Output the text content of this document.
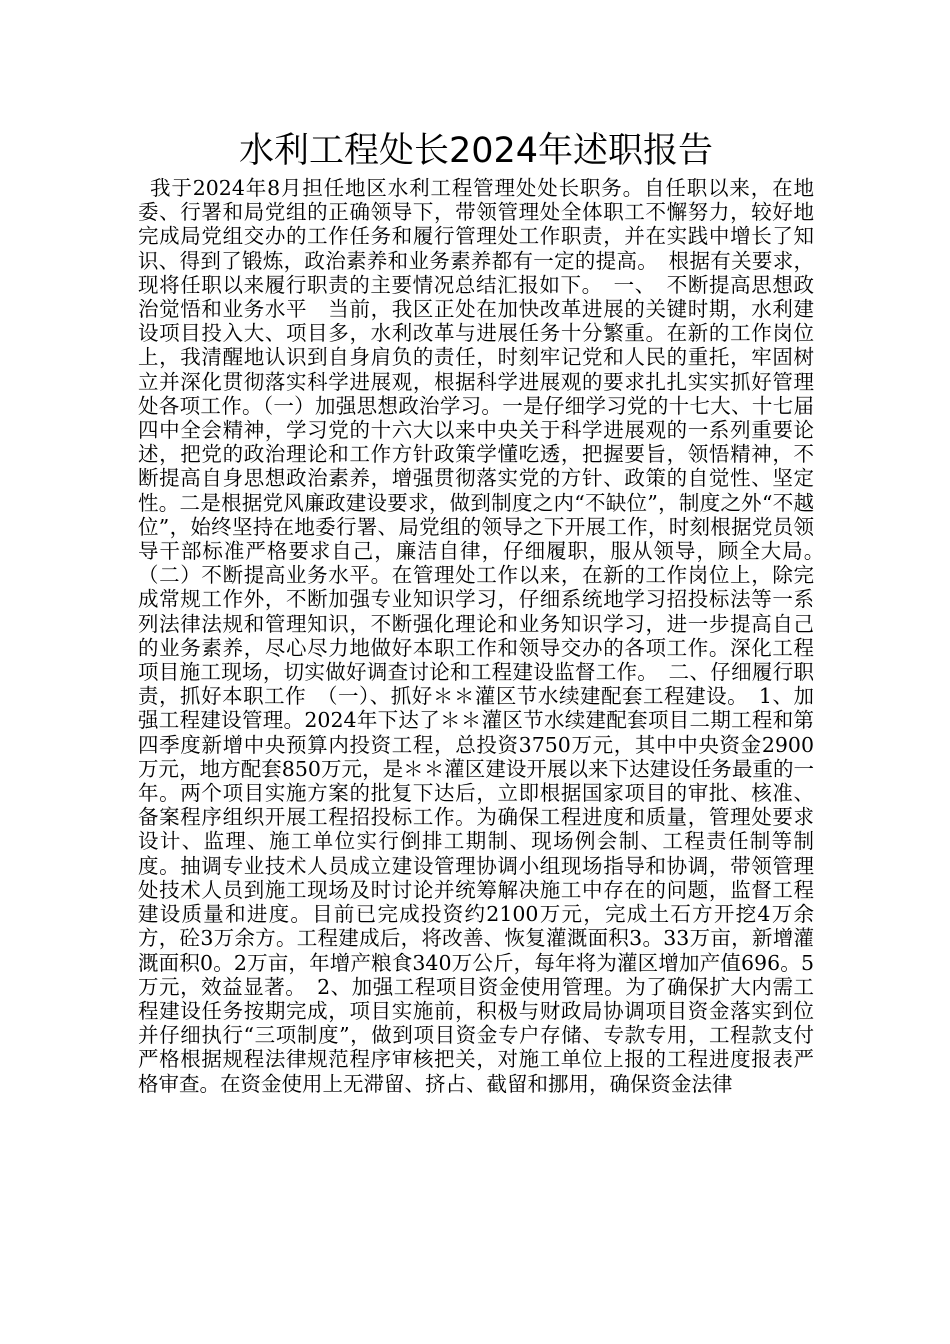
水利工程处长2024年述职报告

我于2024年8月担任地区水利工程管理处处长职务。自任职以来，在地委、行署和局党组的正确领导下，带领管理处全体职工不懈努力，较好地完成局党组交办的工作任务和履行管理处工作职责，并在实践中增长了知识、得到了锻炼，政治素养和业务素养都有一定的提高。　根据有关要求，现将任职以来履行职责的主要情况总结汇报如下。　一、　不断提高思想政治觉悟和业务水平　当前，我区正处在加快改革进展的关键时期，水利建设项目投入大、项目多，水利改革与进展任务十分繁重。在新的工作岗位上，我清醒地认识到自身肩负的责任，时刻牢记党和人民的重托，牢固树立并深化贯彻落实科学进展观，根据科学进展观的要求扎扎实实抓好管理处各项工作。（一）加强思想政治学习。一是仔细学习党的十七大、十七届四中全会精神，学习党的十六大以来中央关于科学进展观的一系列重要论述，把党的政治理论和工作方针政策学懂吃透，把握要旨，领悟精神，不断提高自身思想政治素养，增强贯彻落实党的方针、政策的自觉性、坚定性。二是根据党风廉政建设要求，做到制度之内“不缺位”，制度之外“不越位”，始终坚持在地委行署、局党组的领导之下开展工作，时刻根据党员领导干部标准严格要求自己，廉洁自律，仔细履职，服从领导，顾全大局。　（二）不断提高业务水平。在管理处工作以来，在新的工作岗位上，除完成常规工作外，不断加强专业知识学习，仔细系统地学习招投标法等一系列法律法规和管理知识，不断强化理论和业务知识学习，进一步提高自己的业务素养，尽心尽力地做好本职工作和领导交办的各项工作。深化工程项目施工现场，切实做好调查讨论和工程建设监督工作。　二、仔细履行职责，抓好本职工作　（一）、抓好＊＊灌区节水续建配套工程建设。　1、加强工程建设管理。2024年下达了＊＊灌区节水续建配套项目二期工程和第四季度新增中央预算内投资工程，总投资3750万元，其中中央资金2900万元，地方配套850万元，是＊＊灌区建设开展以来下达建设任务最重的一年。两个项目实施方案的批复下达后，立即根据国家项目的审批、核准、备案程序组织开展工程招投标工作。为确保工程进度和质量，管理处要求设计、监理、施工单位实行倒排工期制、现场例会制、工程责任制等制度。抽调专业技术人员成立建设管理协调小组现场指导和协调，带领管理处技术人员到施工现场及时讨论并统筹解决施工中存在的问题，监督工程建设质量和进度。目前已完成投资约2100万元，完成土石方开挖4万余方，砼3万余方。工程建成后，将改善、恢复灌溉面积3。33万亩，新增灌溉面积0。2万亩，年增产粮食340万公斤，每年将为灌区增加产值696。5万元，效益显著。　2、加强工程项目资金使用管理。为了确保扩大内需工程建设任务按期完成，项目实施前，积极与财政局协调项目资金落实到位并仔细执行“三项制度”，做到项目资金专户存储、专款专用，工程款支付严格根据规程法律规范程序审核把关，对施工单位上报的工程进度报表严格审查。在资金使用上无滞留、挤占、截留和挪用，确保资金法律
